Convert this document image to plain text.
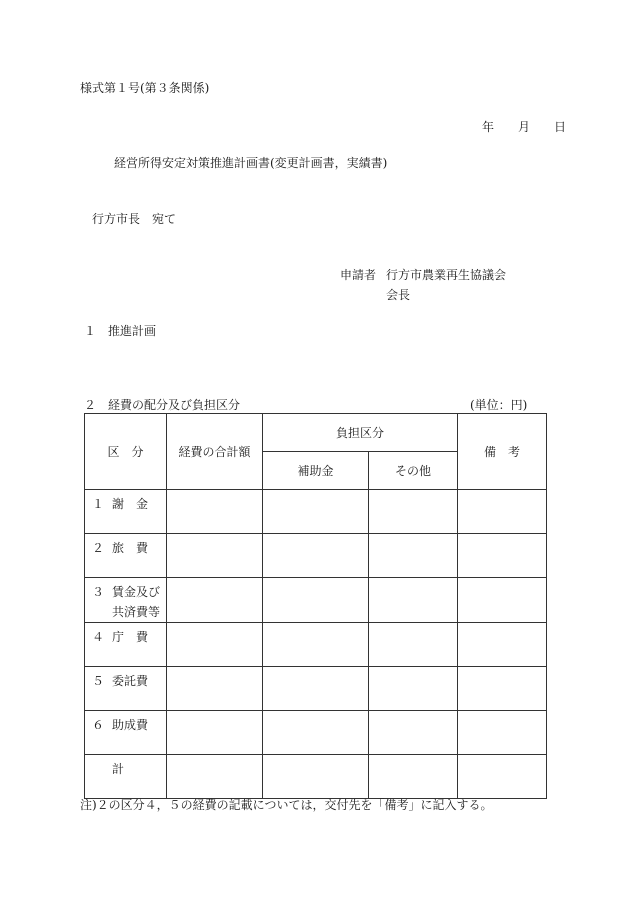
様式第１号(第３条関係)
年　　月　　日
経営所得安定対策推進計画書(変更計画書，実績書)
行方市長　宛て
申請者 行方市農業再生協議会
会長
１　推進計画
２　経費の配分及び負担区分	(単位：円)
区　分	経費の合計額	負担区分		備　考
		補助金	その他	
１ 謝　金				
２ 旅　費				
３ 賃金及び
共済費等				

４ 庁　費				
５ 委託費				
６ 助成費				
計				
注)２の区分４，５の経費の記載については，交付先を「備考」に記入する。
